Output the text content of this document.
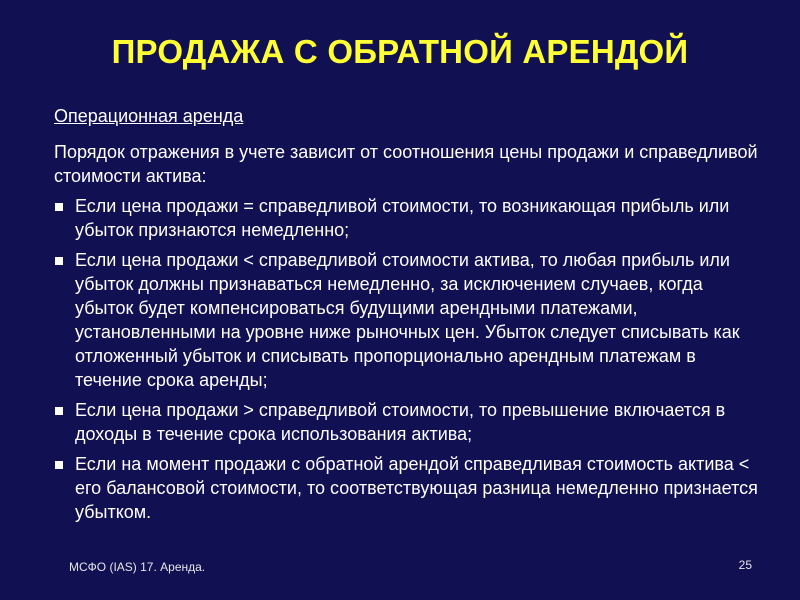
ПРОДАЖА С ОБРАТНОЙ АРЕНДОЙ
Операционная аренда
Порядок отражения в учете зависит от соотношения цены продажи и справедливой стоимости актива:
Если цена продажи = справедливой стоимости, то возникающая прибыль или убыток признаются немедленно;
Если цена продажи < справедливой стоимости актива, то любая прибыль или убыток должны признаваться немедленно, за исключением случаев, когда убыток будет компенсироваться будущими арендными платежами, установленными на уровне ниже рыночных цен. Убыток следует списывать как отложенный убыток и списывать пропорционально арендным платежам в течение срока аренды;
Если цена продажи > справедливой стоимости, то превышение включается в доходы в течение срока использования актива;
Если на момент продажи с обратной арендой справедливая стоимость актива < его балансовой стоимости, то соответствующая разница немедленно признается убытком.
МСФО (IAS) 17. Аренда.	25
